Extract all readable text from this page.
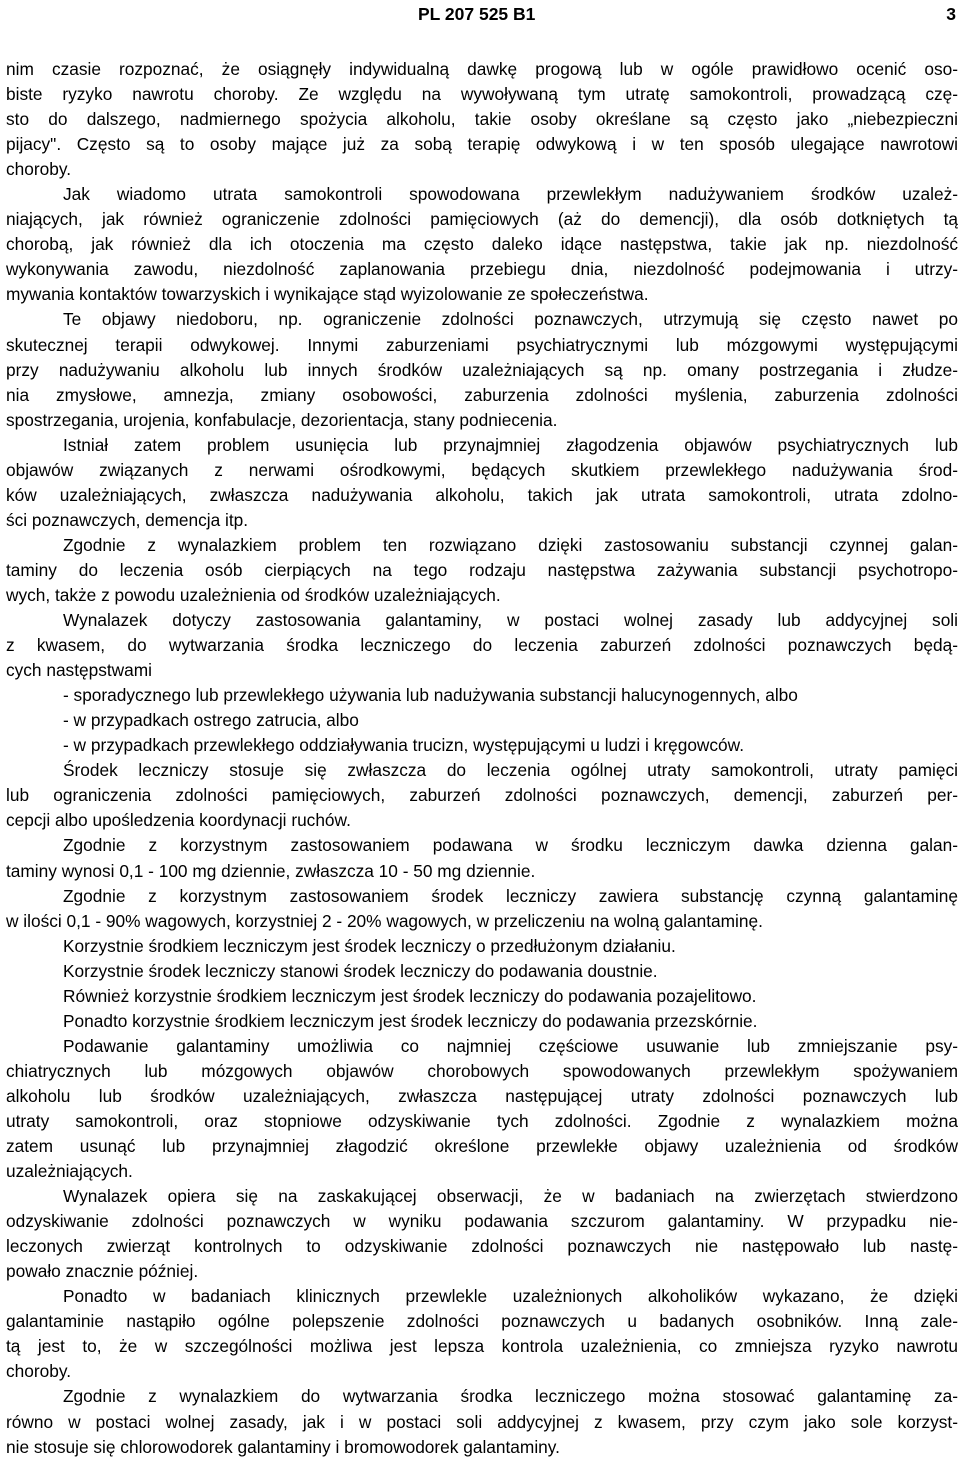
PL 207 525 B1	3
nim czasie rozpoznać, że osiągnęły indywidualną dawkę progową lub w ogóle prawidłowo ocenić oso-
biste ryzyko nawrotu choroby. Ze względu na wywoływaną tym utratę samokontroli, prowadzącą czę-
sto do dalszego, nadmiernego spożycia alkoholu, takie osoby określane są często jako „niebezpieczni
pijacy". Często są to osoby mające już za sobą terapię odwykową i w ten sposób ulegające nawrotowi
choroby.
Jak wiadomo utrata samokontroli spowodowana przewlekłym nadużywaniem środków uzależ-
niających, jak również ograniczenie zdolności pamięciowych (aż do demencji), dla osób dotkniętych tą
chorobą, jak również dla ich otoczenia ma często daleko idące następstwa, takie jak np. niezdolność
wykonywania zawodu, niezdolność zaplanowania przebiegu dnia, niezdolność podejmowania i utrzy-
mywania kontaktów towarzyskich i wynikające stąd wyizolowanie ze społeczeństwa.
Te objawy niedoboru, np. ograniczenie zdolności poznawczych, utrzymują się często nawet po
skutecznej terapii odwykowej. Innymi zaburzeniami psychiatrycznymi lub mózgowymi występującymi
przy nadużywaniu alkoholu lub innych środków uzależniających są np. omany postrzegania i złudze-
nia zmysłowe, amnezja, zmiany osobowości, zaburzenia zdolności myślenia, zaburzenia zdolności
spostrzegania, urojenia, konfabulacje, dezorientacja, stany podniecenia.
Istniał zatem problem usunięcia lub przynajmniej złagodzenia objawów psychiatrycznych lub
objawów związanych z nerwami ośrodkowymi, będących skutkiem przewlekłego nadużywania środ-
ków uzależniających, zwłaszcza nadużywania alkoholu, takich jak utrata samokontroli, utrata zdolno-
ści poznawczych, demencja itp.
Zgodnie z wynalazkiem problem ten rozwiązano dzięki zastosowaniu substancji czynnej galan-
taminy do leczenia osób cierpiących na tego rodzaju następstwa zażywania substancji psychotropo-
wych, także z powodu uzależnienia od środków uzależniających.
Wynalazek dotyczy zastosowania galantaminy, w postaci wolnej zasady lub addycyjnej soli
z kwasem, do wytwarzania środka leczniczego do leczenia zaburzeń zdolności poznawczych będą-
cych następstwami
- sporadycznego lub przewlekłego używania lub nadużywania substancji halucynogennych, albo
- w przypadkach ostrego zatrucia, albo
- w przypadkach przewlekłego oddziaływania trucizn, występującymi u ludzi i kręgowców.
Środek leczniczy stosuje się zwłaszcza do leczenia ogólnej utraty samokontroli, utraty pamięci
lub ograniczenia zdolności pamięciowych, zaburzeń zdolności poznawczych, demencji, zaburzeń per-
cepcji albo upośledzenia koordynacji ruchów.
Zgodnie z korzystnym zastosowaniem podawana w środku leczniczym dawka dzienna galan-
taminy wynosi 0,1 - 100 mg dziennie, zwłaszcza 10 - 50 mg dziennie.
Zgodnie z korzystnym zastosowaniem środek leczniczy zawiera substancję czynną galantaminę
w ilości 0,1 - 90% wagowych, korzystniej 2 - 20% wagowych, w przeliczeniu na wolną galantaminę.
Korzystnie środkiem leczniczym jest środek leczniczy o przedłużonym działaniu.
Korzystnie środek leczniczy stanowi środek leczniczy do podawania doustnie.
Również korzystnie środkiem leczniczym jest środek leczniczy do podawania pozajelitowo.
Ponadto korzystnie środkiem leczniczym jest środek leczniczy do podawania przezskórnie.
Podawanie galantaminy umożliwia co najmniej częściowe usuwanie lub zmniejszanie psy-
chiatrycznych lub mózgowych objawów chorobowych spowodowanych przewlekłym spożywaniem
alkoholu lub środków uzależniających, zwłaszcza następującej utraty zdolności poznawczych lub
utraty samokontroli, oraz stopniowe odzyskiwanie tych zdolności. Zgodnie z wynalazkiem można
zatem usunąć lub przynajmniej złagodzić określone przewlekłe objawy uzależnienia od środków
uzależniających.
Wynalazek opiera się na zaskakującej obserwacji, że w badaniach na zwierzętach stwierdzono
odzyskiwanie zdolności poznawczych w wyniku podawania szczurom galantaminy. W przypadku nie-
leczonych zwierząt kontrolnych to odzyskiwanie zdolności poznawczych nie następowało lub nastę-
powało znacznie później.
Ponadto w badaniach klinicznych przewlekle uzależnionych alkoholików wykazano, że dzięki
galantaminie nastąpiło ogólne polepszenie zdolności poznawczych u badanych osobników. Inną zale-
tą jest to, że w szczególności możliwa jest lepsza kontrola uzależnienia, co zmniejsza ryzyko nawrotu
choroby.
Zgodnie z wynalazkiem do wytwarzania środka leczniczego można stosować galantaminę za-
równo w postaci wolnej zasady, jak i w postaci soli addycyjnej z kwasem, przy czym jako sole korzyst-
nie stosuje się chlorowodorek galantaminy i bromowodorek galantaminy.
